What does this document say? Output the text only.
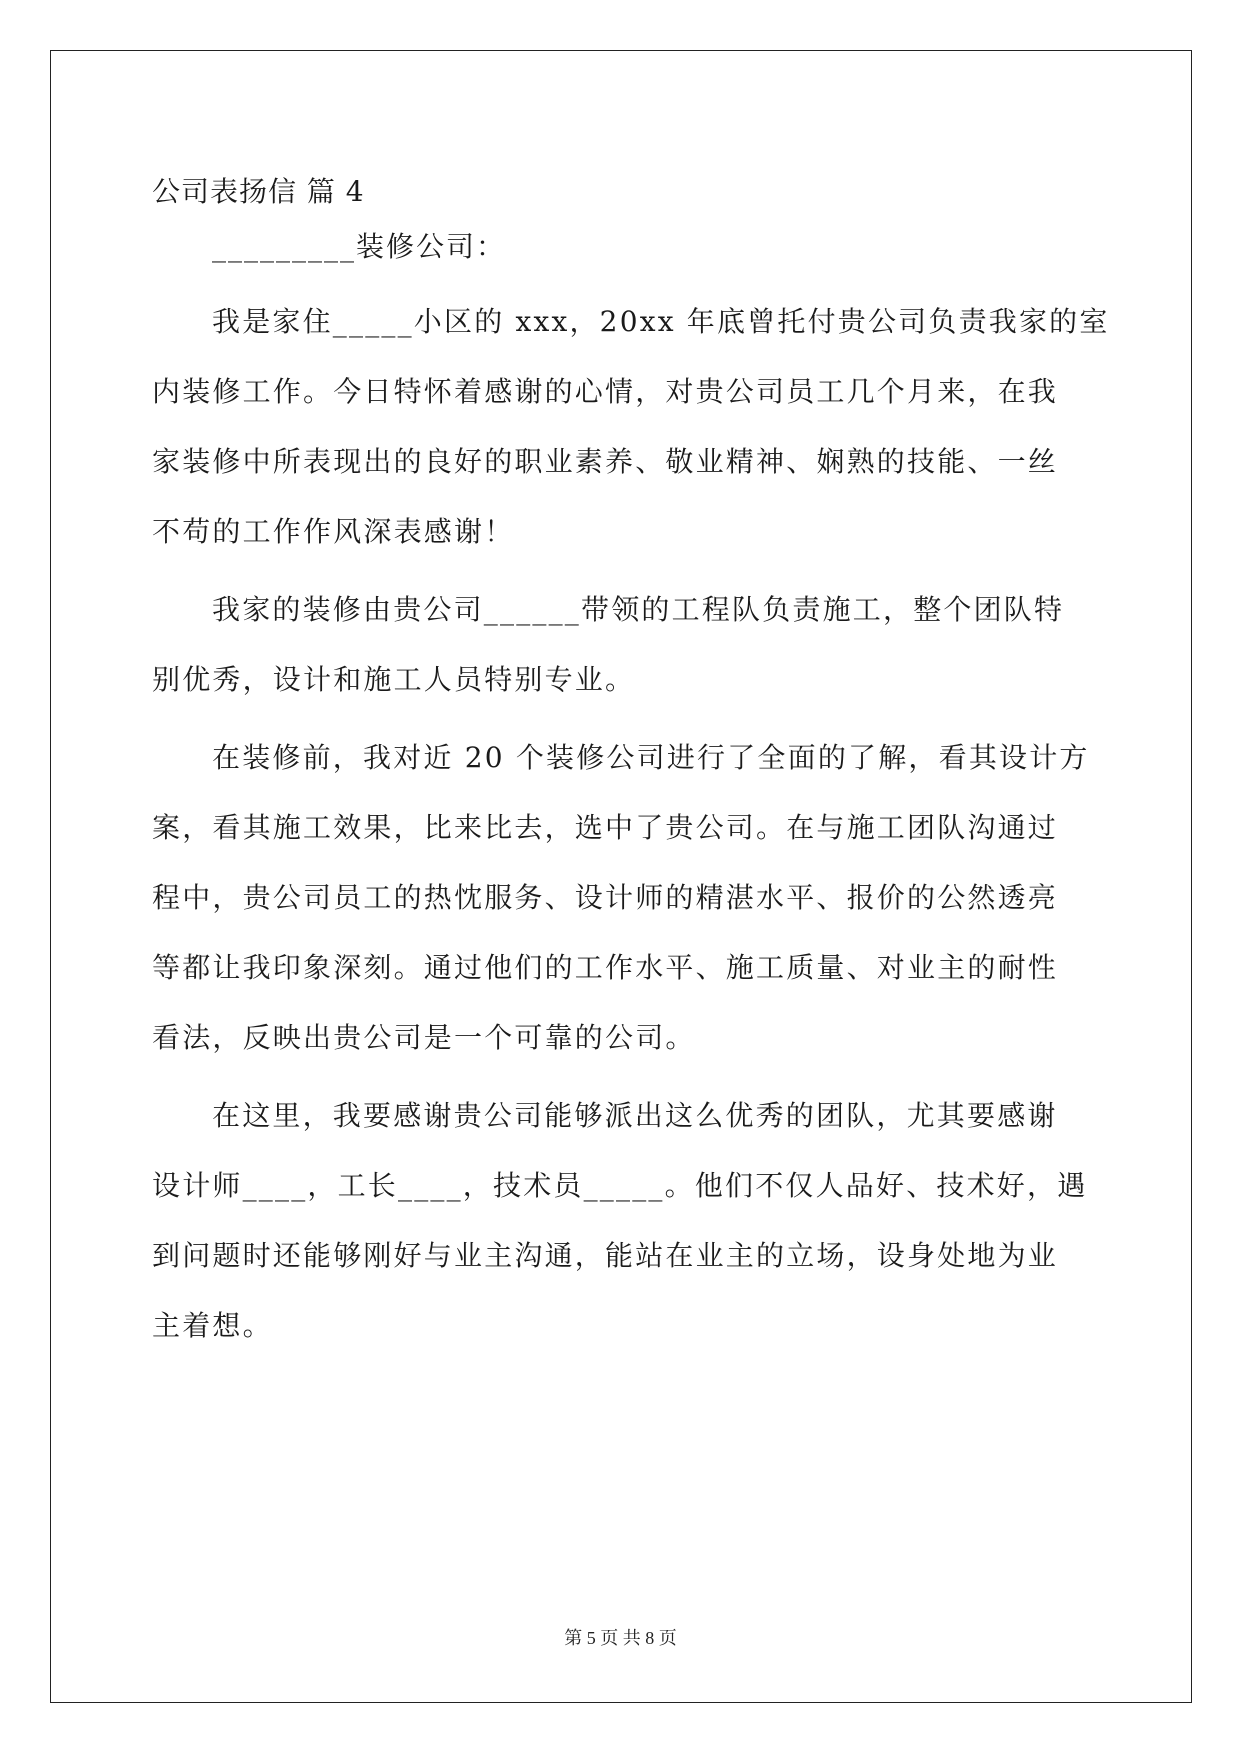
公司表扬信 篇 4
_________装修公司：
我是家住_____小区的 xxx，20xx 年底曾托付贵公司负责我家的室
内装修工作。今日特怀着感谢的心情，对贵公司员工几个月来，在我
家装修中所表现出的良好的职业素养、敬业精神、娴熟的技能、一丝
不苟的工作作风深表感谢！
我家的装修由贵公司______带领的工程队负责施工，整个团队特
别优秀，设计和施工人员特别专业。
在装修前，我对近 20 个装修公司进行了全面的了解，看其设计方
案，看其施工效果，比来比去，选中了贵公司。在与施工团队沟通过
程中，贵公司员工的热忱服务、设计师的精湛水平、报价的公然透亮
等都让我印象深刻。通过他们的工作水平、施工质量、对业主的耐性
看法，反映出贵公司是一个可靠的公司。
在这里，我要感谢贵公司能够派出这么优秀的团队，尤其要感谢
设计师____，工长____，技术员_____。他们不仅人品好、技术好，遇
到问题时还能够刚好与业主沟通，能站在业主的立场，设身处地为业
主着想。
第 5 页 共 8 页
